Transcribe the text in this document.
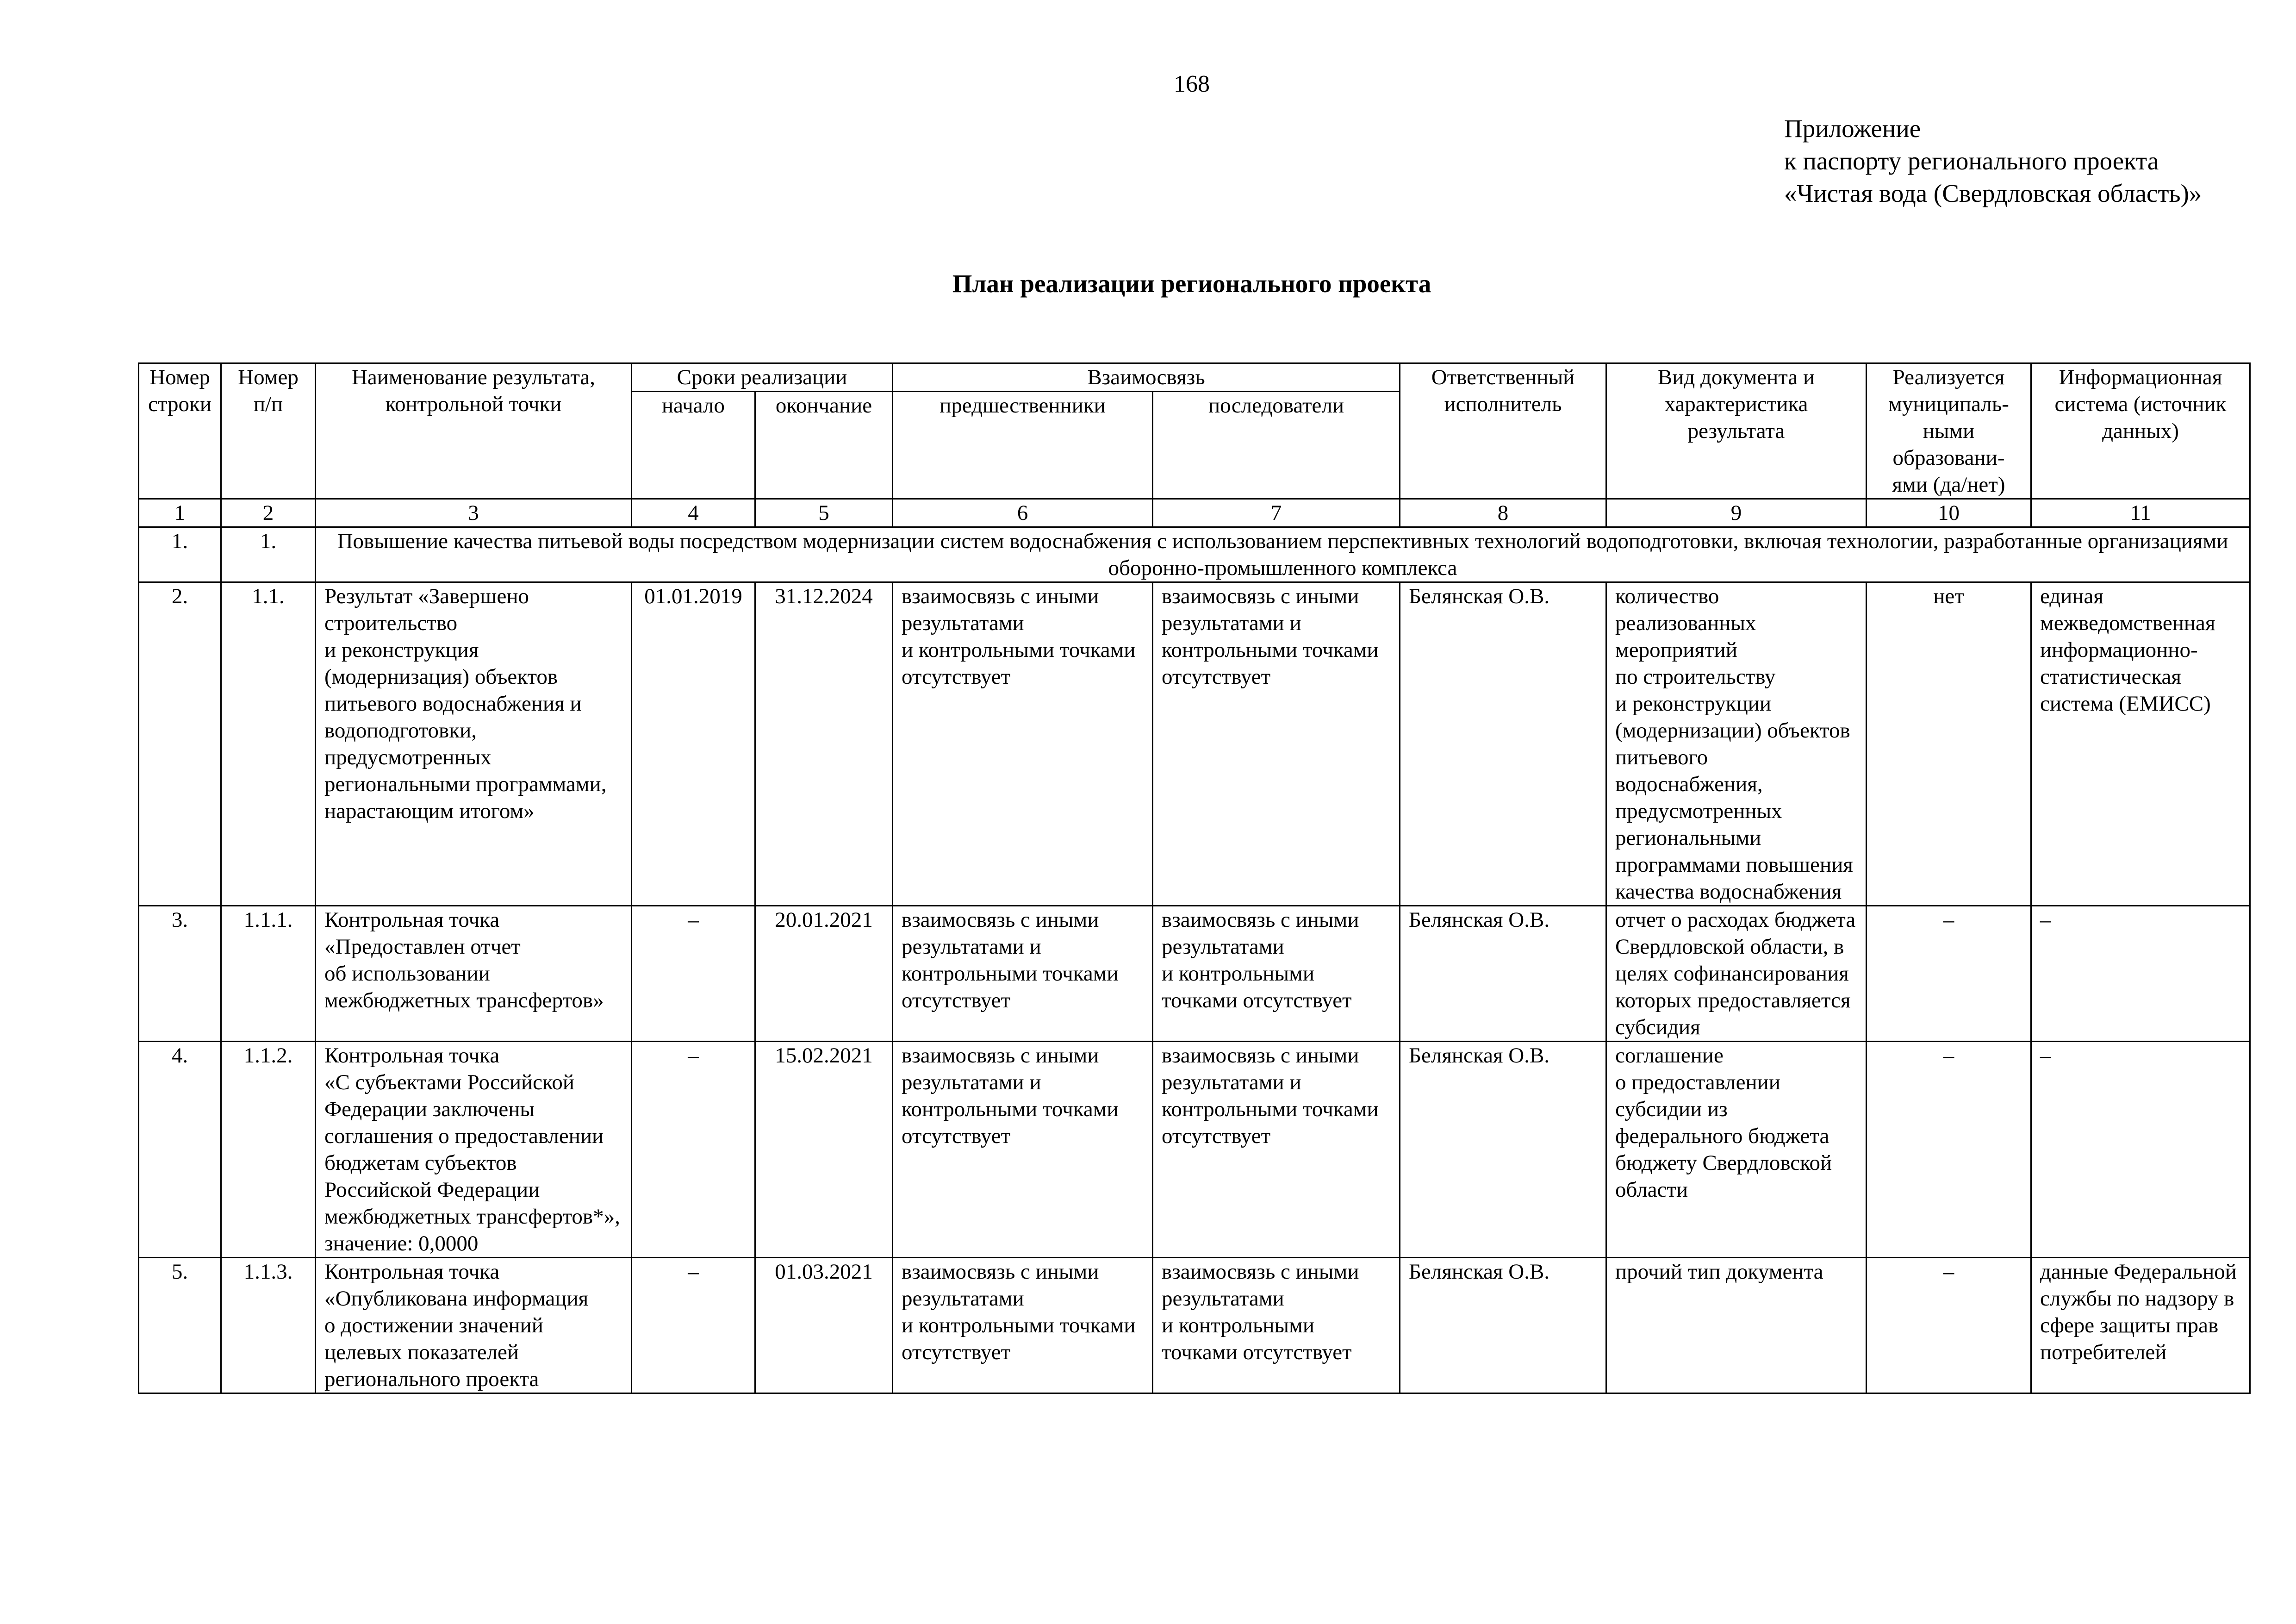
168
Приложение
к паспорту регионального проекта
«Чистая вода (Свердловская область)»
План реализации регионального проекта
Номер строки	Номер п/п	Наименование результата, контрольной точки	Сроки реализации		Взаимосвязь		Ответственный исполнитель	Вид документа и характеристика результата	Реализуется муниципаль-ными образовани-ями (да/нет)	Информационная система (источник данных)
			начало	окончание	предшественники	последователи				
1	2	3	4	5	6	7	8	9	10	11
1.	1.	Повышение качества питьевой воды посредством модернизации систем водоснабжения с использованием перспективных технологий водоподготовки, включая технологии, разработанные организациями оборонно-промышленного комплекса								
2.	1.1.	Результат «Завершено строительство
и реконструкция (модернизация) объектов питьевого водоснабжения и водоподготовки, предусмотренных региональными программами, нарастающим итогом»	01.01.2019	31.12.2024	взаимосвязь с иными результатами
и контрольными точками отсутствует	взаимосвязь с иными результатами и контрольными точками отсутствует	Белянская О.В.	количество реализованных мероприятий
по строительству
и реконструкции (модернизации) объектов питьевого водоснабжения, предусмотренных региональными программами повышения качества водоснабжения	нет	единая межведомственная информационно-статистическая система (ЕМИСС)
3.	1.1.1.	Контрольная точка «Предоставлен отчет
об использовании межбюджетных трансфертов»	–	20.01.2021	взаимосвязь с иными результатами и контрольными точками отсутствует	взаимосвязь с иными результатами
и контрольными точками отсутствует	Белянская О.В.	отчет о расходах бюджета Свердловской области, в целях софинансирования которых предоставляется субсидия	–	–
4.	1.1.2.	Контрольная точка
«С субъектами Российской Федерации заключены соглашения о предоставлении бюджетам субъектов Российской Федерации межбюджетных трансфертов*», значение: 0,0000	–	15.02.2021	взаимосвязь с иными результатами и контрольными точками отсутствует	взаимосвязь с иными результатами и контрольными точками отсутствует	Белянская О.В.	соглашение
о предоставлении субсидии из федерального бюджета бюджету Свердловской области	–	–
5.	1.1.3.	Контрольная точка «Опубликована информация
о достижении значений целевых показателей регионального проекта	–	01.03.2021	взаимосвязь с иными результатами
и контрольными точками отсутствует	взаимосвязь с иными результатами
и контрольными точками отсутствует	Белянская О.В.	прочий тип документа	–	данные Федеральной службы по надзору в сфере защиты прав потребителей
